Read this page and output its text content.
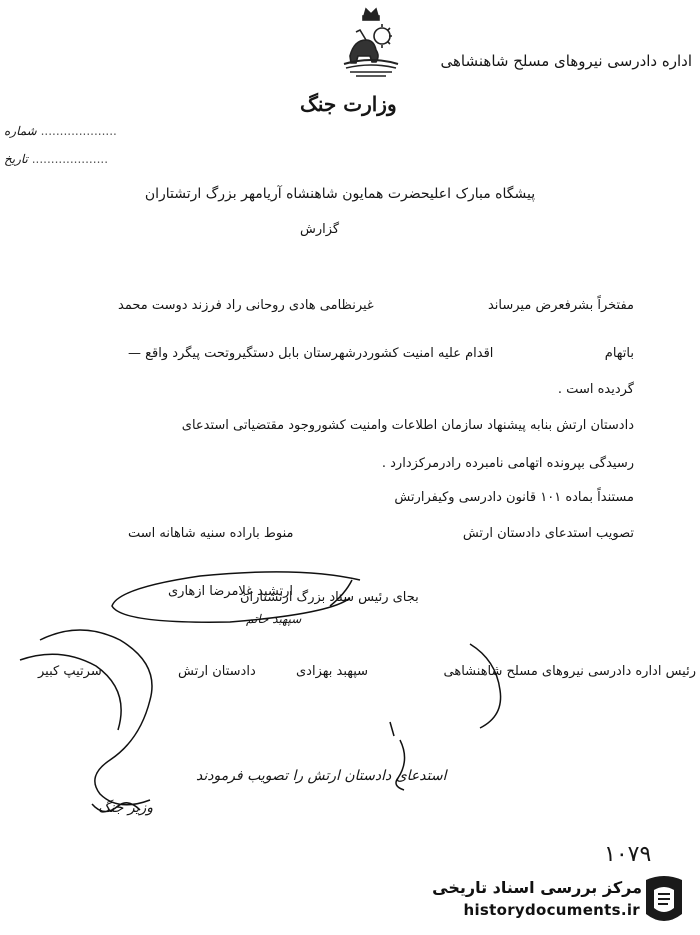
اداره دادرسی نیروهای مسلح شاهنشاهی
وزارت جنگ
.................... شماره
.................... تاریخ
پیشگاه مبارک اعلیحضرت همایون شاهنشاه آریامهر بزرگ ارتشتاران
گزارش
مفتخراً بشرفعرض میرساند
غیرنظامی هادی روحانی راد فرزند دوست محمد
باتهام
اقدام علیه امنیت کشوردرشهرستان بابل دستگیروتحت پیگرد واقع —
گردیده است .
دادستان ارتش بنابه پیشنهاد سازمان اطلاعات وامنیت کشوروجود مقتضیاتی استدعای
رسیدگی بپرونده اتهامی نامبرده رادرمرکزدارد .
مستنداً بماده ۱۰۱ قانون دادرسی وکیفرارتش
تصویب استدعای دادستان ارتش
منوط باراده سنیه شاهانه است
بجای رئیس ستاد بزرگ ارتشتاران
ارتشبد غلامرضا ازهاری
سپهبد حاتم
رئیس اداره دادرسی نیروهای مسلح شاهنشاهی
سپهبد بهزادی
دادستان ارتش
سرتیپ کبیر
استدعای دادستان ارتش را تصویب فرمودند
وزیر جنگ
۱۰۷۹
مرکز بررسی اسناد تاریخی
historydocuments.ir
